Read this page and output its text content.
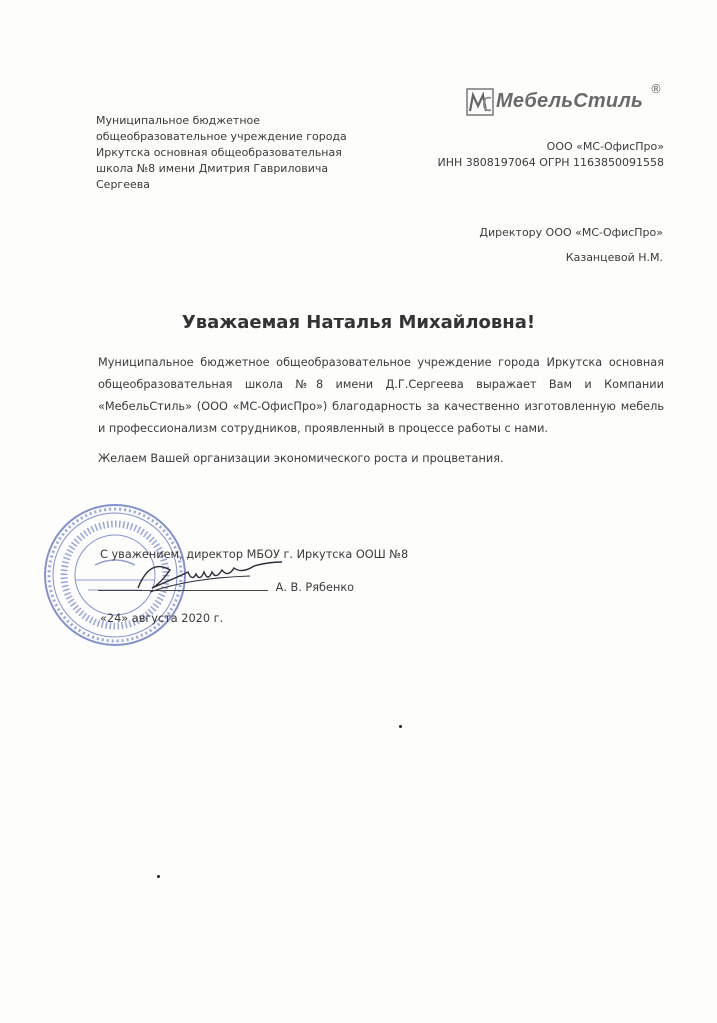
Муниципальное бюджетное
общеобразовательное учреждение города
Иркутска основная общеобразовательная
школа №8 имени Дмитрия Гавриловича
Сергеева
МебельСтиль
®
ООО «МС-ОфисПро»
ИНН 3808197064 ОГРН 1163850091558
Директору ООО «МС-ОфисПро»
Казанцевой Н.М.
Уважаемая Наталья Михайловна!

Муниципальное бюджетное общеобразовательное учреждение города Иркутска основная общеобразовательная школа №8 имени Д.Г.Сергеева выражает Вам и Компании «МебельСтиль» (ООО «МС-ОфисПро») благодарность за качественно изготовленную мебель и профессионализм сотрудников, проявленный в процессе работы с нами.

Желаем Вашей организации экономического роста и процветания.

С уважением, директор МБОУ г. Иркутска ООШ №8
А. В. Рябенко
«24» августа 2020 г.
